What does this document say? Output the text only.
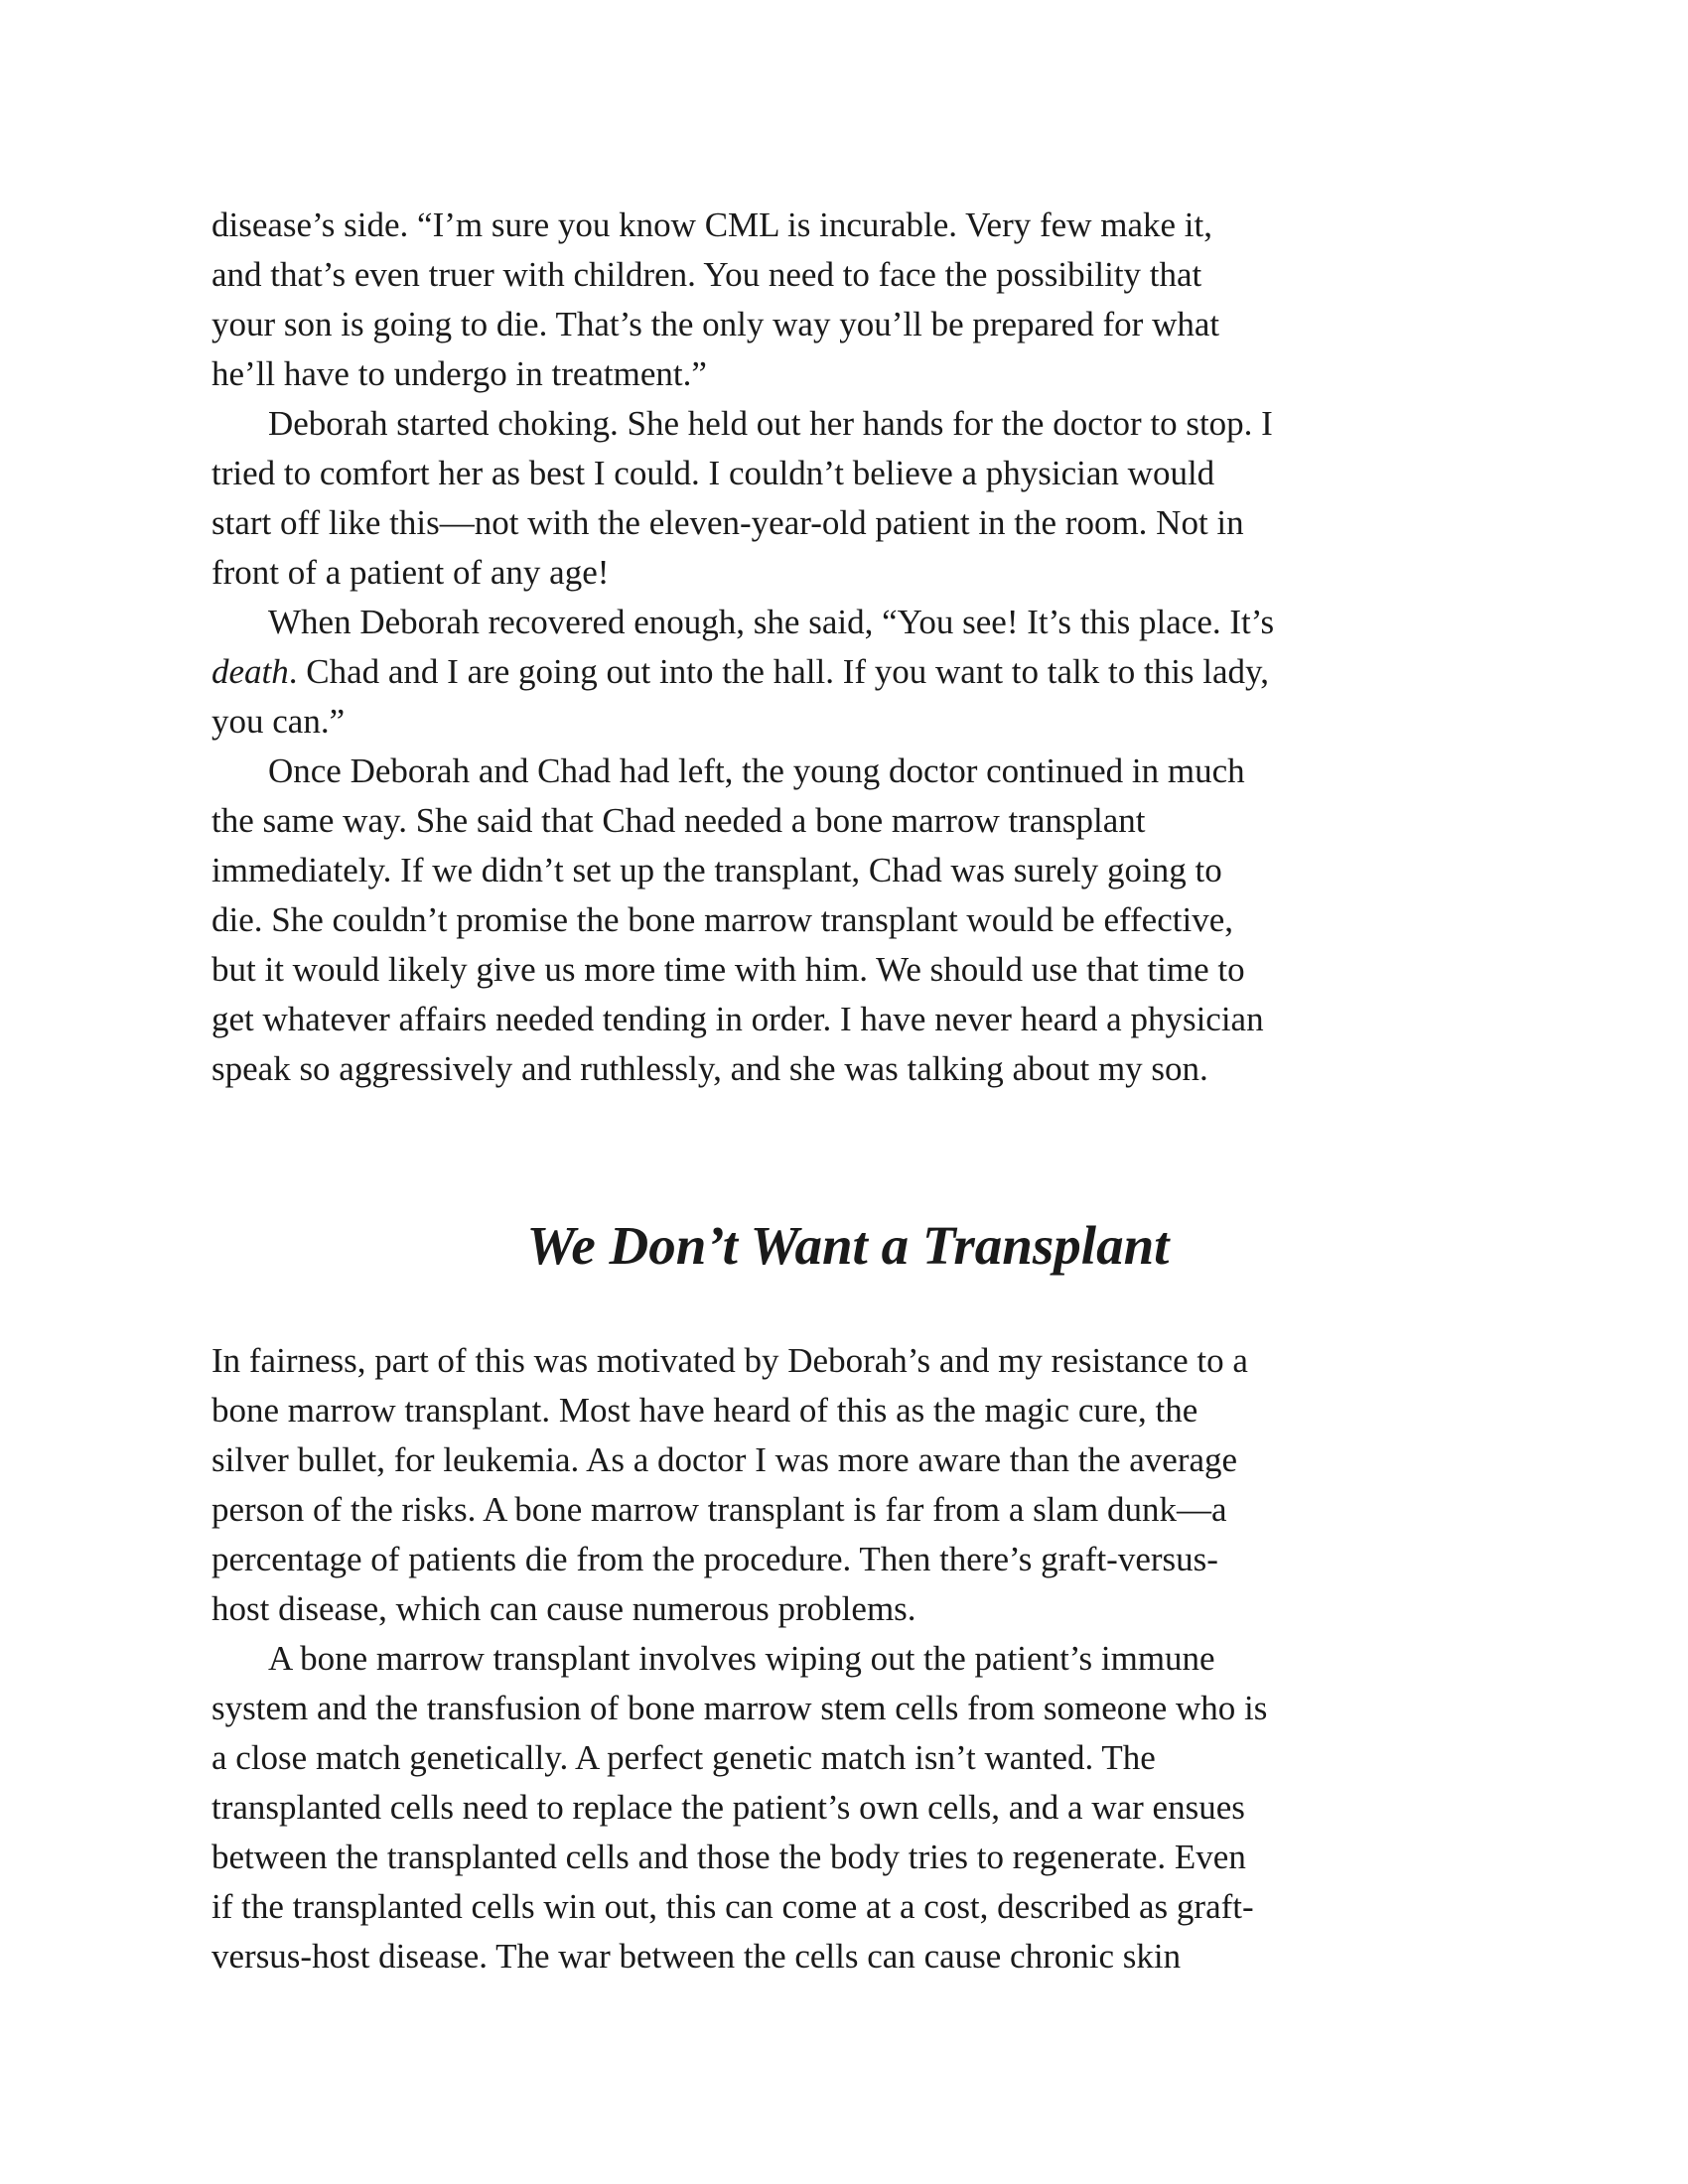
disease’s side. “I’m sure you know CML is incurable. Very few make it,
and that’s even truer with children. You need to face the possibility that
your son is going to die. That’s the only way you’ll be prepared for what
he’ll have to undergo in treatment.”
Deborah started choking. She held out her hands for the doctor to stop. I
tried to comfort her as best I could. I couldn’t believe a physician would
start off like this—not with the eleven-year-old patient in the room. Not in
front of a patient of any age!
When Deborah recovered enough, she said, “You see! It’s this place. It’s
death. Chad and I are going out into the hall. If you want to talk to this lady,
you can.”
Once Deborah and Chad had left, the young doctor continued in much
the same way. She said that Chad needed a bone marrow transplant
immediately. If we didn’t set up the transplant, Chad was surely going to
die. She couldn’t promise the bone marrow transplant would be effective,
but it would likely give us more time with him. We should use that time to
get whatever affairs needed tending in order. I have never heard a physician
speak so aggressively and ruthlessly, and she was talking about my son.
We Don’t Want a Transplant
In fairness, part of this was motivated by Deborah’s and my resistance to a
bone marrow transplant. Most have heard of this as the magic cure, the
silver bullet, for leukemia. As a doctor I was more aware than the average
person of the risks. A bone marrow transplant is far from a slam dunk—a
percentage of patients die from the procedure. Then there’s graft-versus-
host disease, which can cause numerous problems.
A bone marrow transplant involves wiping out the patient’s immune
system and the transfusion of bone marrow stem cells from someone who is
a close match genetically. A perfect genetic match isn’t wanted. The
transplanted cells need to replace the patient’s own cells, and a war ensues
between the transplanted cells and those the body tries to regenerate. Even
if the transplanted cells win out, this can come at a cost, described as graft-
versus-host disease. The war between the cells can cause chronic skin
